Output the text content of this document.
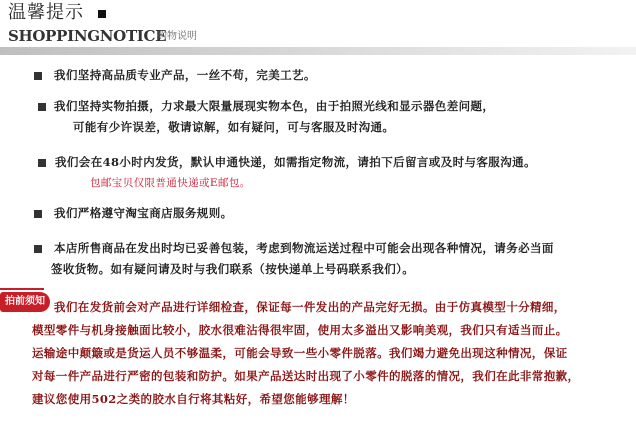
温馨提示
SHOPPINGNOTICE
购物说明
我们坚持高品质专业产品，一丝不苟，完美工艺。
我们坚持实物拍摄，力求最大限量展现实物本色，由于拍照光线和显示器色差问题，
可能有少许误差，敬请谅解，如有疑问，可与客服及时沟通。
我们会在48小时内发货，默认申通快递，如需指定物流，请拍下后留言或及时与客服沟通。
包邮宝贝仅限普通快递或E邮包。
我们严格遵守淘宝商店服务规则。
本店所售商品在发出时均已妥善包装，考虑到物流运送过程中可能会出现各种情况，请务必当面
签收货物。如有疑问请及时与我们联系（按快递单上号码联系我们）。
拍前须知 我们在发货前会对产品进行详细检查，保证每一件发出的产品完好无损。由于仿真模型十分精细，
模型零件与机身接触面比较小，胶水很难沾得很牢固，使用太多溢出又影响美观，我们只有适当而止。
运输途中颠簸或是货运人员不够温柔，可能会导致一些小零件脱落。我们竭力避免出现这种情况，保证
对每一件产品进行严密的包装和防护。如果产品送达时出现了小零件的脱落的情况，我们在此非常抱歉，
建议您使用502之类的胶水自行将其粘好，希望您能够理解！
